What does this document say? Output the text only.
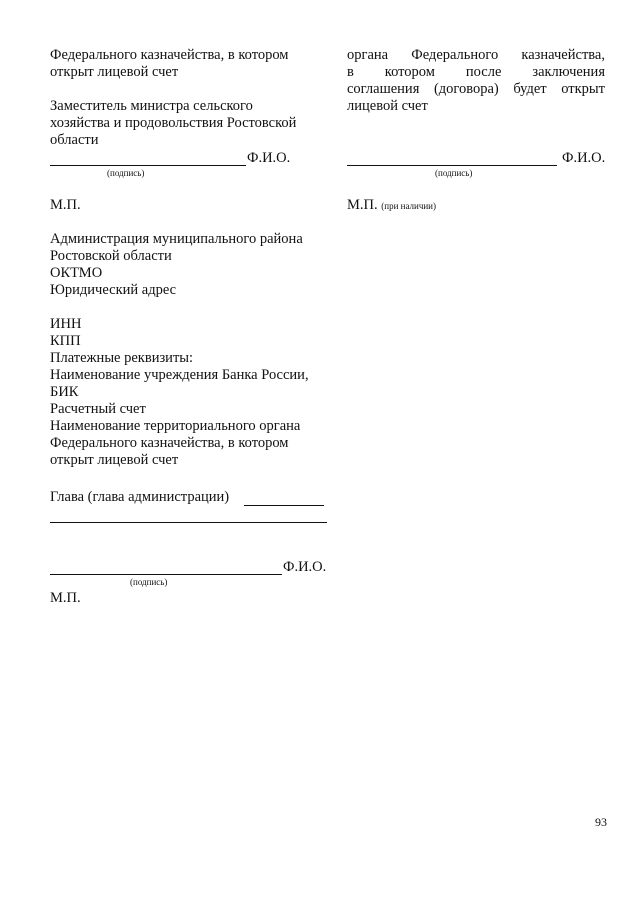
Федерального казначейства, в котором
открыт лицевой счет
Заместитель министра сельского
хозяйства и продовольствия Ростовской
области
Ф.И.О.
(подпись)
М.П.
Администрация муниципального района
Ростовской области
ОКТМО
Юридический адрес
ИНН
КПП
Платежные реквизиты:
Наименование учреждения Банка России,
БИК
Расчетный счет
Наименование территориального органа
Федерального казначейства, в котором
открыт лицевой счет
Глава (глава администрации)
Ф.И.О.
(подпись)
М.П.
органа Федерального казначейства,
в котором после заключения
соглашения (договора) будет открыт
лицевой счет
Ф.И.О.
(подпись)
М.П. (при наличии)
93
